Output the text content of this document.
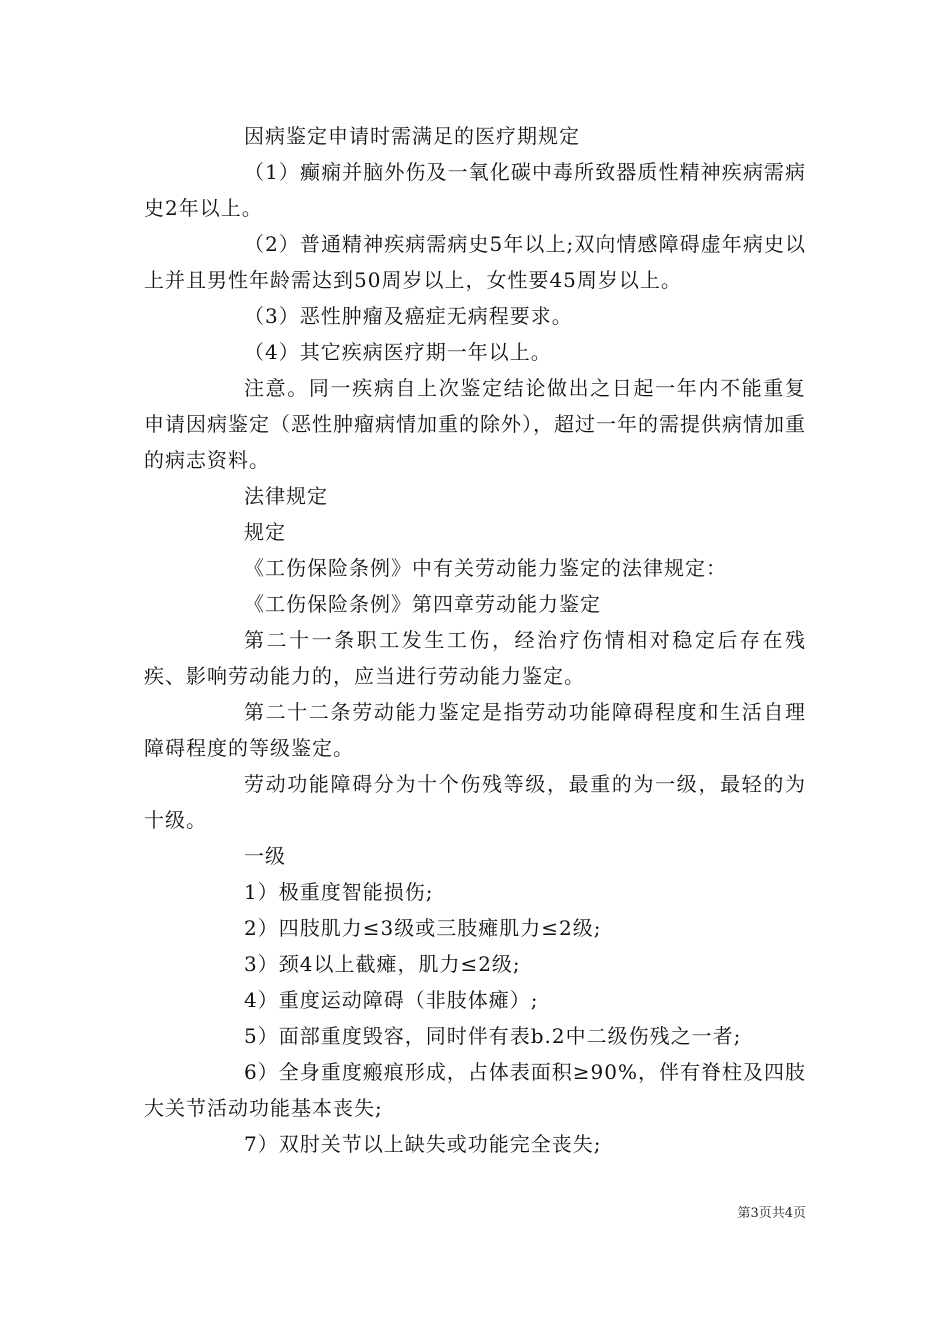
因病鉴定申请时需满足的医疗期规定

（1）癫痫并脑外伤及一氧化碳中毒所致器质性精神疾病需病史2年以上。

（2）普通精神疾病需病史5年以上;双向情感障碍虚年病史以上并且男性年龄需达到50周岁以上，女性要45周岁以上。

（3）恶性肿瘤及癌症无病程要求。

（4）其它疾病医疗期一年以上。

注意。同一疾病自上次鉴定结论做出之日起一年内不能重复申请因病鉴定（恶性肿瘤病情加重的除外），超过一年的需提供病情加重的病志资料。

法律规定

规定

《工伤保险条例》中有关劳动能力鉴定的法律规定：

《工伤保险条例》第四章劳动能力鉴定

第二十一条职工发生工伤，经治疗伤情相对稳定后存在残疾、影响劳动能力的，应当进行劳动能力鉴定。

第二十二条劳动能力鉴定是指劳动功能障碍程度和生活自理障碍程度的等级鉴定。

劳动功能障碍分为十个伤残等级，最重的为一级，最轻的为十级。

一级

1）极重度智能损伤;

2）四肢肌力≤3级或三肢瘫肌力≤2级;

3）颈4以上截瘫，肌力≤2级;

4）重度运动障碍（非肢体瘫）;

5）面部重度毁容，同时伴有表b.2中二级伤残之一者;

6）全身重度瘢痕形成，占体表面积≥90%，伴有脊柱及四肢大关节活动功能基本丧失;

7）双肘关节以上缺失或功能完全丧失;

第3页共4页
